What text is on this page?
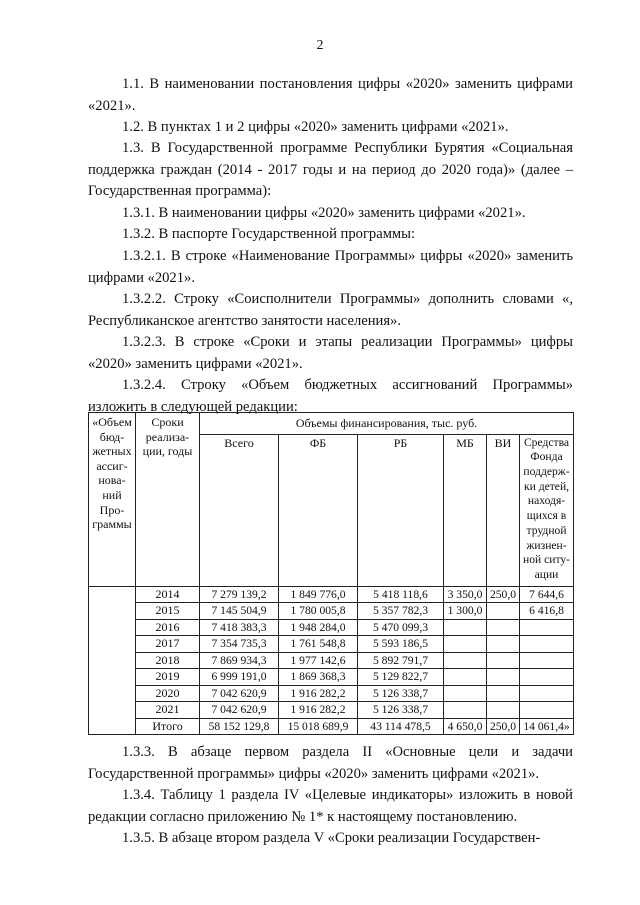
2

1.1. В наименовании постановления цифры «2020» заменить цифрами «2021».

1.2. В пунктах 1 и 2 цифры «2020» заменить цифрами «2021».

1.3. В Государственной программе Республики Бурятия «Социальная поддержка граждан (2014 - 2017 годы и на период до 2020 года)» (далее – Государственная программа):

1.3.1. В наименовании цифры «2020» заменить цифрами «2021».

1.3.2. В паспорте Государственной программы:

1.3.2.1. В строке «Наименование Программы» цифры «2020» заменить цифрами «2021».

1.3.2.2. Строку «Соисполнители Программы» дополнить словами «, Республиканское агентство занятости населения».

1.3.2.3. В строке «Сроки и этапы реализации Программы» цифры «2020» заменить цифрами «2021».

1.3.2.4. Строку «Объем бюджетных ассигнований Программы» изложить в следующей редакции:

«Объем бюд- жетных ассиг- нова- ний Про- граммы	Сроки реализа- ции, годы	Объемы финансирования, тыс. руб.					
		Всего	ФБ	РБ	МБ	ВИ	Средства Фонда поддерж- ки детей, находя- щихся в трудной жизнен- ной ситу- ации
	2014	7 279 139,2	1 849 776,0	5 418 118,6	3 350,0	250,0	7 644,6
	2015	7 145 504,9	1 780 005,8	5 357 782,3	1 300,0		6 416,8
	2016	7 418 383,3	1 948 284,0	5 470 099,3			
	2017	7 354 735,3	1 761 548,8	5 593 186,5			
	2018	7 869 934,3	1 977 142,6	5 892 791,7			
	2019	6 999 191,0	1 869 368,3	5 129 822,7			
	2020	7 042 620,9	1 916 282,2	5 126 338,7			
	2021	7 042 620,9	1 916 282,2	5 126 338,7			
	Итого	58 152 129,8	15 018 689,9	43 114 478,5	4 650,0	250,0	14 061,4»

1.3.3. В абзаце первом раздела II «Основные цели и задачи Государственной программы» цифры «2020» заменить цифрами «2021».

1.3.4. Таблицу 1 раздела IV «Целевые индикаторы» изложить в новой редакции согласно приложению № 1* к настоящему постановлению.

1.3.5. В абзаце втором раздела V «Сроки реализации Государствен-
